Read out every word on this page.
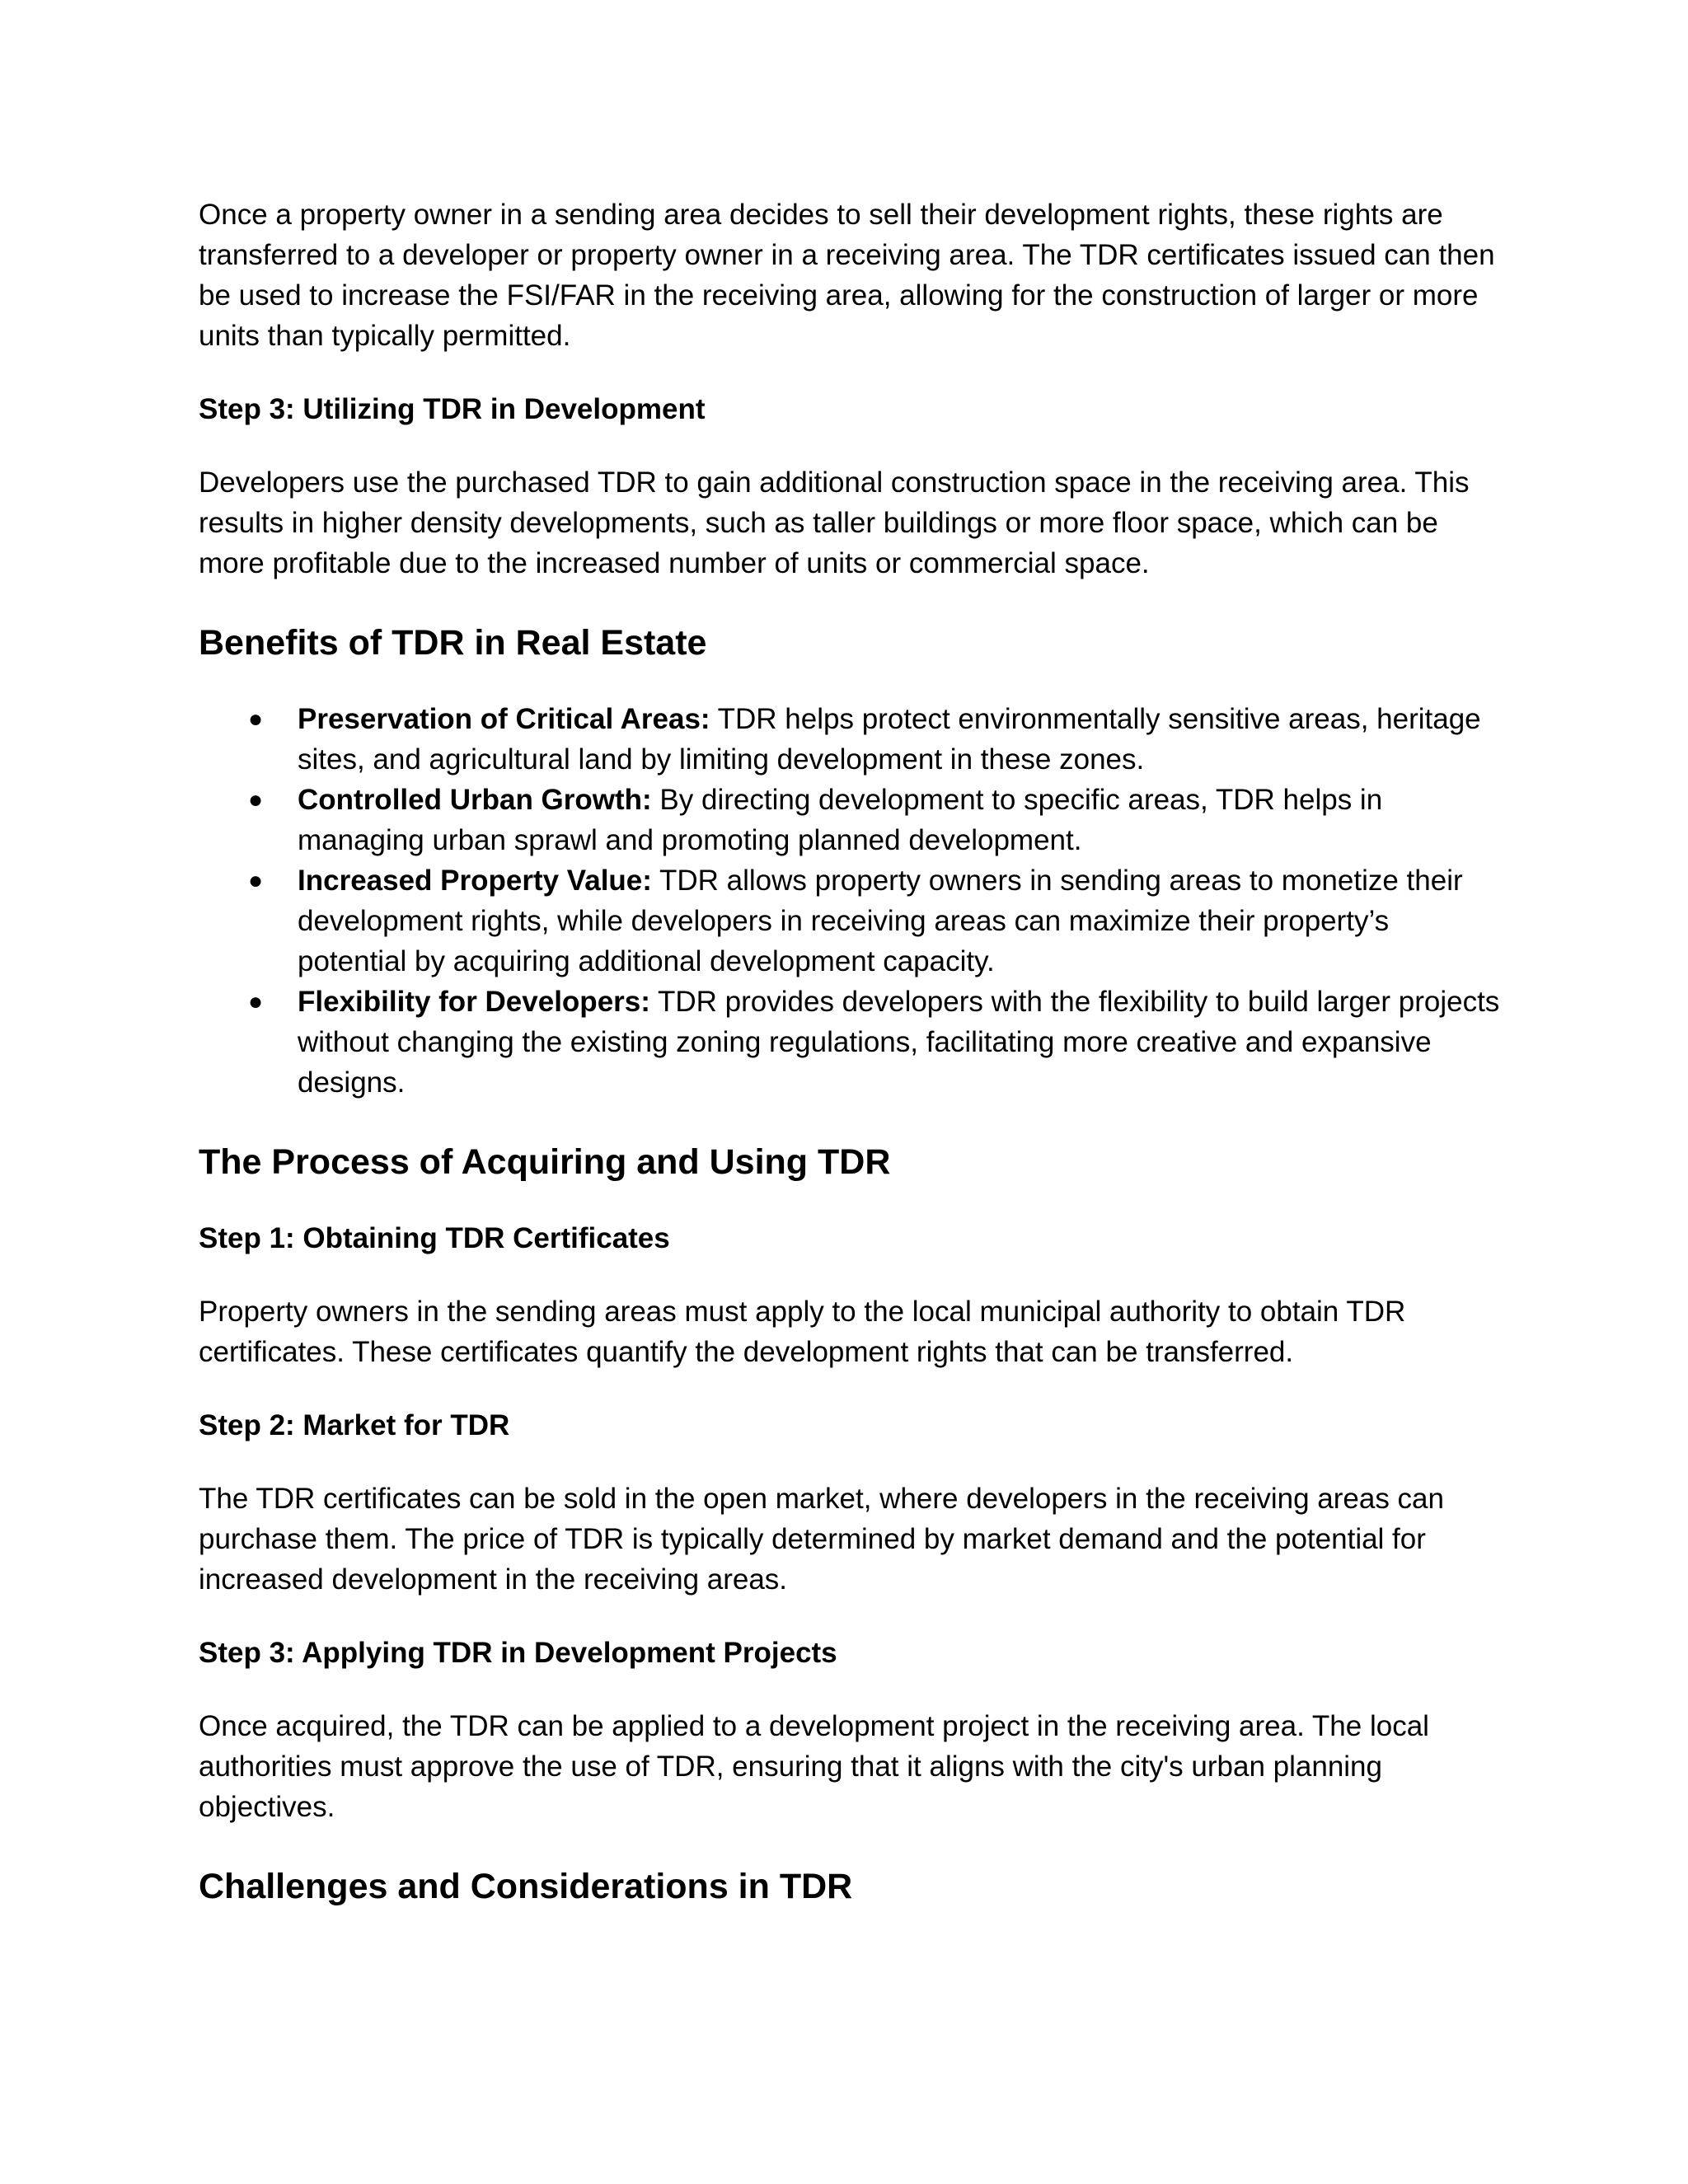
Once a property owner in a sending area decides to sell their development rights, these rights are transferred to a developer or property owner in a receiving area. The TDR certificates issued can then be used to increase the FSI/FAR in the receiving area, allowing for the construction of larger or more units than typically permitted.

Step 3: Utilizing TDR in Development

Developers use the purchased TDR to gain additional construction space in the receiving area. This results in higher density developments, such as taller buildings or more floor space, which can be more profitable due to the increased number of units or commercial space.

Benefits of TDR in Real Estate
●	Preservation of Critical Areas: TDR helps protect environmentally sensitive areas, heritage sites, and agricultural land by limiting development in these zones.
●	Controlled Urban Growth: By directing development to specific areas, TDR helps in managing urban sprawl and promoting planned development.
●	Increased Property Value: TDR allows property owners in sending areas to monetize their development rights, while developers in receiving areas can maximize their property’s potential by acquiring additional development capacity.
●	Flexibility for Developers: TDR provides developers with the flexibility to build larger projects without changing the existing zoning regulations, facilitating more creative and expansive designs.
The Process of Acquiring and Using TDR
Step 1: Obtaining TDR Certificates

Property owners in the sending areas must apply to the local municipal authority to obtain TDR certificates. These certificates quantify the development rights that can be transferred.

Step 2: Market for TDR

The TDR certificates can be sold in the open market, where developers in the receiving areas can purchase them. The price of TDR is typically determined by market demand and the potential for increased development in the receiving areas.

Step 3: Applying TDR in Development Projects

Once acquired, the TDR can be applied to a development project in the receiving area. The local authorities must approve the use of TDR, ensuring that it aligns with the city's urban planning objectives.

Challenges and Considerations in TDR
